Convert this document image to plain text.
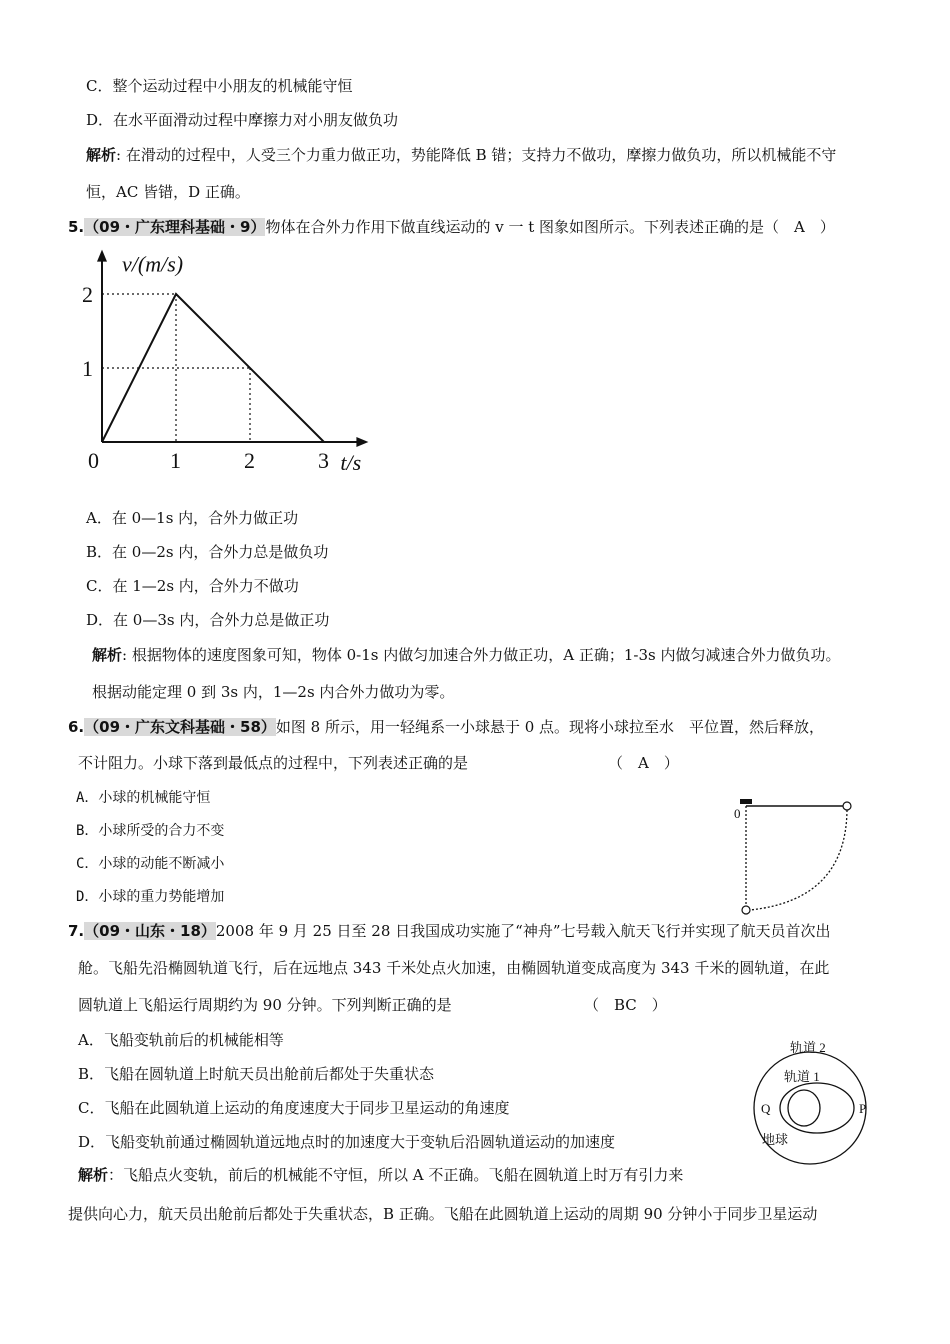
C．整个运动过程中小朋友的机械能守恒
D．在水平面滑动过程中摩擦力对小朋友做负功
解析: 在滑动的过程中，人受三个力重力做正功，势能降低 B 错；支持力不做功，摩擦力做负功，所以机械能不守
恒，AC 皆错，D 正确。
5.（09・广东理科基础・9）物体在合外力作用下做直线运动的 v 一 t 图象如图所示。下列表述正确的是（　A　）
0	1	2	3
1
2
v/(m/s)
t/s
A．在 0—1s 内，合外力做正功
B．在 0—2s 内，合外力总是做负功
C．在 1—2s 内，合外力不做功
D．在 0—3s 内，合外力总是做正功
解析: 根据物体的速度图象可知，物体 0-1s 内做匀加速合外力做正功，A 正确；1-3s 内做匀减速合外力做负功。
根据动能定理 0 到 3s 内，1—2s 内合外力做功为零。
6.（09・广东文科基础・58）如图 8 所示，用一轻绳系一小球悬于 0 点。现将小球拉至水　平位置，然后释放，
不计阻力。小球下落到最低点的过程中，下列表述正确的是	（　A　）
A．小球的机械能守恒
B．小球所受的合力不变
C．小球的动能不断减小
D．小球的重力势能增加
0
7.（09・山东・18）2008 年 9 月 25 日至 28 日我国成功实施了“神舟”七号载入航天飞行并实现了航天员首次出
舱。飞船先沿椭圆轨道飞行，后在远地点 343 千米处点火加速，由椭圆轨道变成高度为 343 千米的圆轨道，在此
圆轨道上飞船运行周期约为 90 分钟。下列判断正确的是	（　BC　）
A．飞船变轨前后的机械能相等
B．飞船在圆轨道上时航天员出舱前后都处于失重状态
C．飞船在此圆轨道上运动的角度速度大于同步卫星运动的角速度
D．飞船变轨前通过椭圆轨道远地点时的加速度大于变轨后沿圆轨道运动的加速度
轨道 2
轨道 1
Q	P
地球
解析：飞船点火变轨，前后的机械能不守恒，所以 A 不正确。飞船在圆轨道上时万有引力来
提供向心力，航天员出舱前后都处于失重状态，B 正确。飞船在此圆轨道上运动的周期 90 分钟小于同步卫星运动
